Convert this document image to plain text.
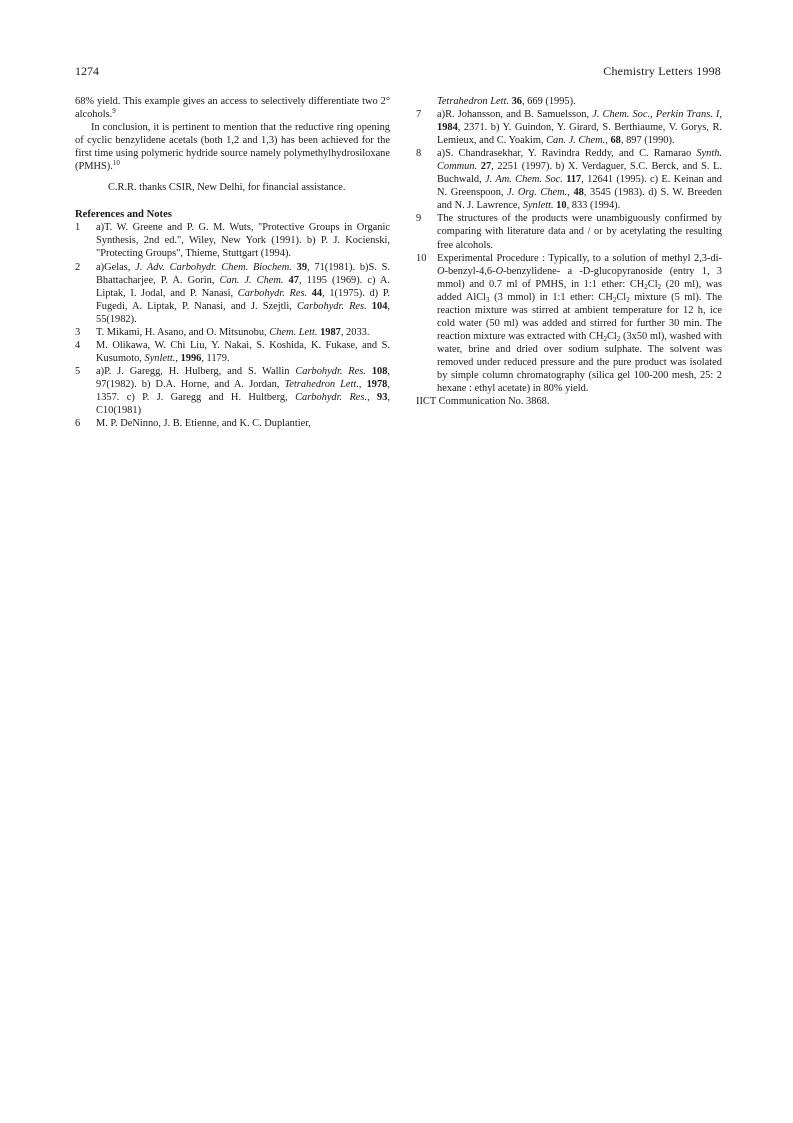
1274	Chemistry Letters 1998

68% yield. This example gives an access to selectively differentiate two 2° alcohols.$^9$

In conclusion, it is pertinent to mention that the reductive ring opening of cyclic benzylidene acetals (both 1,2 and 1,3) has been achieved for the first time using polymeric hydride source namely polymethylhydrosiloxane (PMHS).$^{10}$

C.R.R. thanks CSIR, New Delhi, for financial assistance.

References and Notes

1	a)T. W. Greene and P. G. M. Wuts, "Protective Groups in Organic Synthesis, 2nd ed.", Wiley, New York (1991). b) P. J. Kocienski, "Protecting Groups", Thieme, Stuttgart (1994).
2	a)Gelas, J. Adv. Carbohydr. Chem. Biochem. 39, 71(1981). b)S. S. Bhattacharjee, P. A. Gorin, Can. J. Chem. 47, 1195 (1969). c) A. Liptak, I. Jodal, and P. Nanasi, Carbohydr. Res. 44, 1(1975). d) P. Fugedi, A. Liptak, P. Nanasi, and J. Szejtli, Carbohydr. Res. 104, 55(1982).
3	T. Mikami, H. Asano, and O. Mitsunobu, Chem. Lett. 1987, 2033.
4	M. Olikawa, W. Chi Liu, Y. Nakai, S. Koshida, K. Fukase, and S. Kusumoto, Synlett., 1996, 1179.
5	a)P. J. Garegg, H. Hulberg, and S. Wallin Carbohydr. Res. 108, 97(1982). b) D.A. Horne, and A. Jordan, Tetrahedron Lett., 1978, 1357. c) P. J. Garegg and H. Hultberg, Carbohydr. Res., 93, C10(1981)
6	M. P. DeNinno, J. B. Etienne, and K. C. Duplantier,
Tetrahedron Lett. 36, 669 (1995).
7	a)R. Johansson, and B. Samuelsson, J. Chem. Soc., Perkin Trans. I, 1984, 2371. b) Y. Guindon, Y. Girard, S. Berthiaume, V. Gorys, R. Lemieux, and C. Yoakim, Can. J. Chem., 68, 897 (1990).
8	a)S. Chandrasekhar, Y. Ravindra Reddy, and C. Ramarao Synth. Commun. 27, 2251 (1997). b) X. Verdaguer, S.C. Berck, and S. L. Buchwald, J. Am. Chem. Soc. 117, 12641 (1995). c) E. Keinan and N. Greenspoon, J. Org. Chem., 48, 3545 (1983). d) S. W. Breeden and N. J. Lawrence, Synlett. 10, 833 (1994).
9	The structures of the products were unambiguously confirmed by comparing with literature data and / or by acetylating the resulting free alcohols.
10	Experimental Procedure : Typically, to a solution of methyl 2,3-di-O-benzyl-4,6-O-benzylidene- a -D-glucopyranoside (entry 1, 3 mmol) and 0.7 ml of PMHS, in 1:1 ether: $CH_2Cl_2$ (20 ml), was added AlCl$_3$ (3 mmol) in 1:1 ether: $CH_2Cl_2$ mixture (5 ml). The reaction mixture was stirred at ambient temperature for 12 h, ice cold water (50 ml) was added and stirred for further 30 min. The reaction mixture was extracted with $CH_2Cl_2$ (3x50 ml), washed with water, brine and dried over sodium sulphate. The solvent was removed under reduced pressure and the pure product was isolated by simple column chromatography (silica gel 100-200 mesh, 25: 2 hexane : ethyl acetate) in 80% yield.

IICT Communication No. 3868.
